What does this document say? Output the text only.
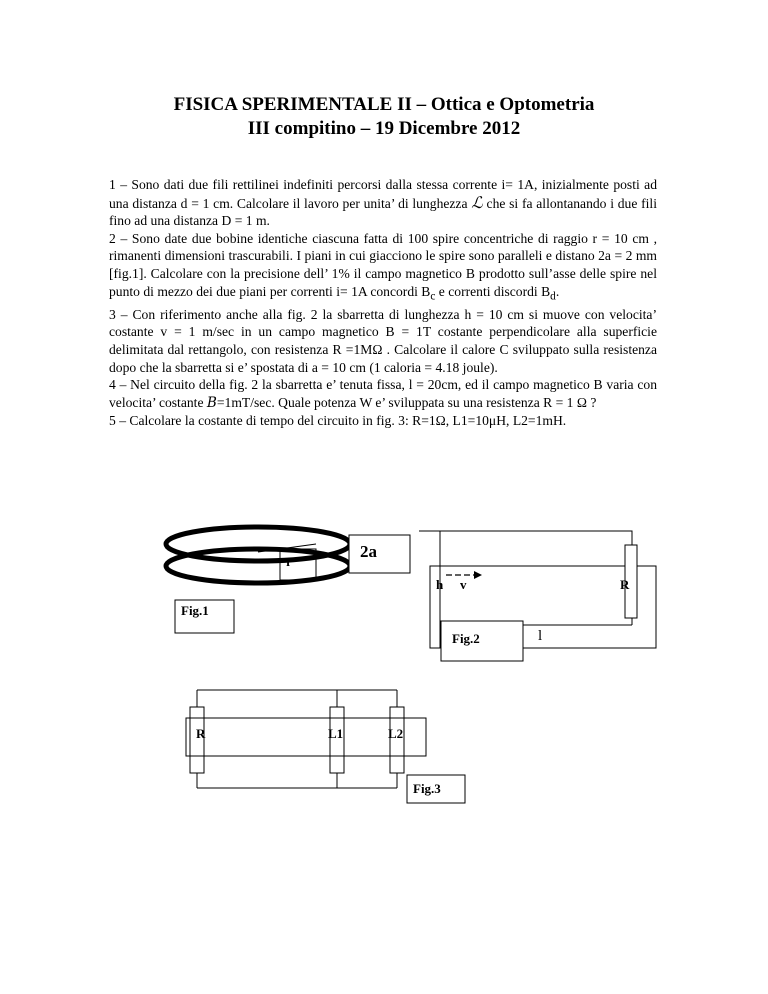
FISICA SPERIMENTALE II – Ottica e Optometria
III compitino – 19 Dicembre 2012

1 – Sono dati due fili rettilinei indefiniti percorsi dalla stessa corrente i= 1A, inizialmente posti ad una distanza d = 1 cm. Calcolare il lavoro per unita’ di lunghezza ℒ che si fa allontanando i due fili fino ad una distanza D = 1 m.

2 – Sono date due bobine identiche ciascuna fatta di 100 spire concentriche di raggio r = 10 cm , rimanenti dimensioni trascurabili. I piani in cui giacciono le spire sono paralleli e distano 2a = 2 mm [fig.1]. Calcolare con la precisione dell’ 1% il campo magnetico B prodotto sull’asse delle spire nel punto di mezzo dei due piani per correnti i= 1A concordi $B_c$ e correnti discordi $B_d$.

3 – Con riferimento anche alla fig. 2 la sbarretta di lunghezza h = 10 cm si muove con velocita’ costante v = 1 m/sec in un campo magnetico B = 1T costante perpendicolare alla superficie delimitata dal rettangolo, con resistenza R =1MΩ . Calcolare il calore C sviluppato sulla resistenza dopo che la sbarretta si e’ spostata di a = 10 cm (1 caloria = 4.18 joule).

4 – Nel circuito della fig. 2 la sbarretta e’ tenuta fissa, l = 20cm, ed il campo magnetico B varia con velocita’ costante B=1mT/sec. Quale potenza W e’ sviluppata su una resistenza R = 1 Ω ?

5 – Calcolare la costante di tempo del circuito in fig. 3: R=1Ω, L1=10μH, L2=1mH.

r
2a
Fig.1
h v	R
Fig.2	l
R	L1	L2
Fig.3
